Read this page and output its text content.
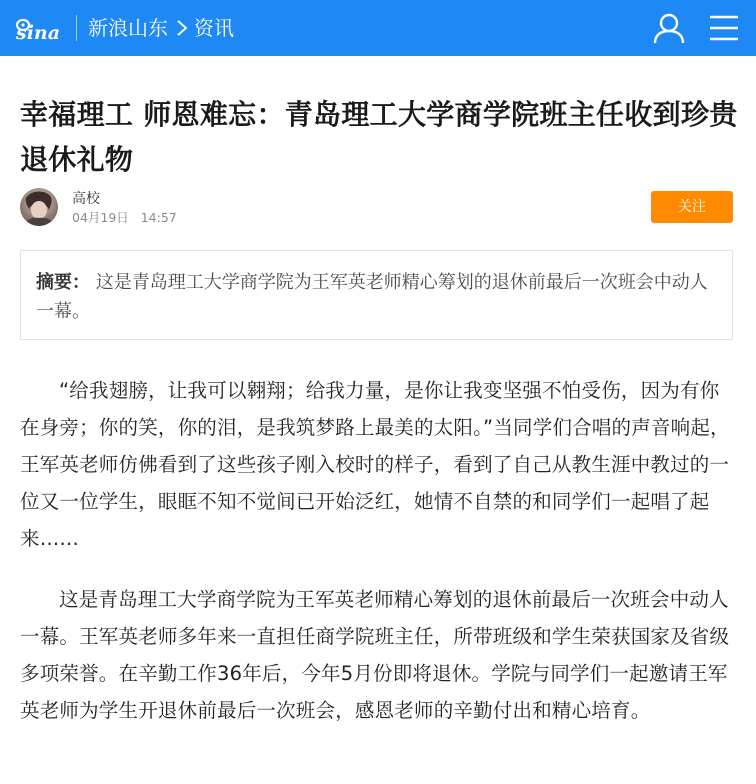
sina 新浪山东 资讯
幸福理工 师恩难忘：青岛理工大学商学院班主任收到珍贵退休礼物
高校
04月19日 14:57
关注
摘要： 这是青岛理工大学商学院为王军英老师精心筹划的退休前最后一次班会中动人一幕。

“给我翅膀，让我可以翱翔；给我力量，是你让我变坚强不怕受伤，因为有你在身旁；你的笑，你的泪，是我筑梦路上最美的太阳。”当同学们合唱的声音响起，王军英老师仿佛看到了这些孩子刚入校时的样子，看到了自己从教生涯中教过的一位又一位学生，眼眶不知不觉间已开始泛红，她情不自禁的和同学们一起唱了起来……

这是青岛理工大学商学院为王军英老师精心筹划的退休前最后一次班会中动人一幕。王军英老师多年来一直担任商学院班主任，所带班级和学生荣获国家及省级多项荣誉。在辛勤工作36年后，今年5月份即将退休。学院与同学们一起邀请王军英老师为学生开退休前最后一次班会，感恩老师的辛勤付出和精心培育。
